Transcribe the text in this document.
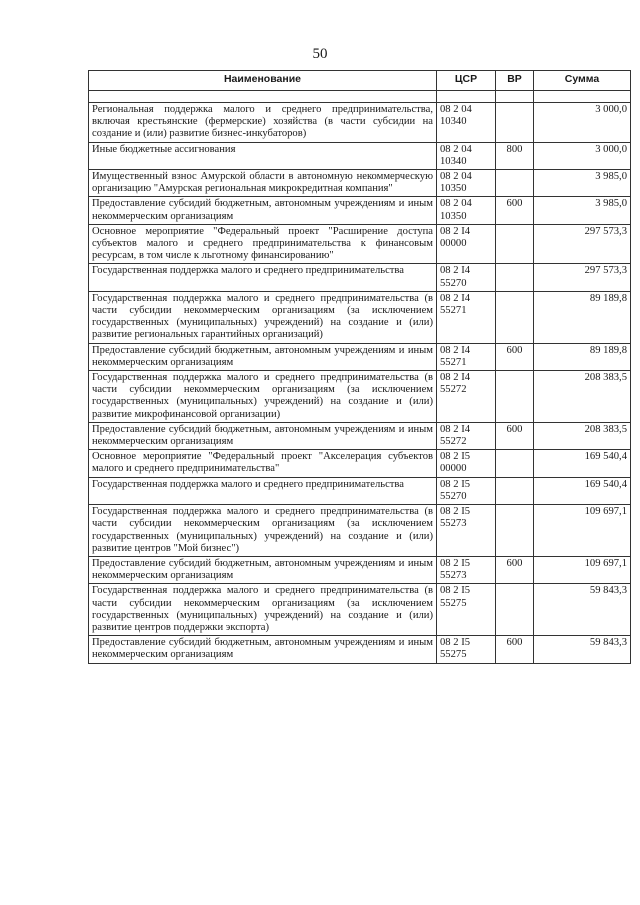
50
Наименование	ЦСР	ВР	Сумма

Региональная поддержка малого и среднего предпринимательства, включая крестьянские (фермерские) хозяйства (в части субсидии на создание и (или) развитие бизнес-инкубаторов)	08 2 04
10340		3 000,0
Иные бюджетные ассигнования	08 2 04
10340	800	3 000,0
Имущественный взнос Амурской области в автономную некоммерческую организацию "Амурская региональная микрокредитная компания"	08 2 04
10350		3 985,0
Предоставление субсидий бюджетным, автономным учреждениям и иным некоммерческим организациям	08 2 04
10350	600	3 985,0
Основное мероприятие "Федеральный проект "Расширение доступа субъектов малого и среднего предпринимательства к финансовым ресурсам, в том числе к льготному финансированию"	08 2 I4
00000		297 573,3
Государственная поддержка малого и среднего предпринимательства	08 2 I4
55270		297 573,3
Государственная поддержка малого и среднего предпринимательства (в части субсидии некоммерческим организациям (за исключением государственных (муниципальных) учреждений) на создание и (или) развитие региональных гарантийных организаций)	08 2 I4
55271		89 189,8
Предоставление субсидий бюджетным, автономным учреждениям и иным некоммерческим организациям	08 2 I4
55271	600	89 189,8
Государственная поддержка малого и среднего предпринимательства (в части субсидии некоммерческим организациям (за исключением государственных (муниципальных) учреждений) на создание и (или) развитие микрофинансовой организации)	08 2 I4
55272		208 383,5
Предоставление субсидий бюджетным, автономным учреждениям и иным некоммерческим организациям	08 2 I4
55272	600	208 383,5
Основное мероприятие "Федеральный проект "Акселерация субъектов малого и среднего предпринимательства"	08 2 I5
00000		169 540,4
Государственная поддержка малого и среднего предпринимательства	08 2 I5
55270		169 540,4
Государственная поддержка малого и среднего предпринимательства (в части субсидии некоммерческим организациям (за исключением государственных (муниципальных) учреждений) на создание и (или) развитие центров "Мой бизнес")	08 2 I5
55273		109 697,1
Предоставление субсидий бюджетным, автономным учреждениям и иным некоммерческим организациям	08 2 I5
55273	600	109 697,1
Государственная поддержка малого и среднего предпринимательства (в части субсидии некоммерческим организациям (за исключением государственных (муниципальных) учреждений) на создание и (или) развитие центров поддержки экспорта)	08 2 I5
55275		59 843,3
Предоставление субсидий бюджетным, автономным учреждениям и иным некоммерческим организациям	08 2 I5
55275	600	59 843,3
